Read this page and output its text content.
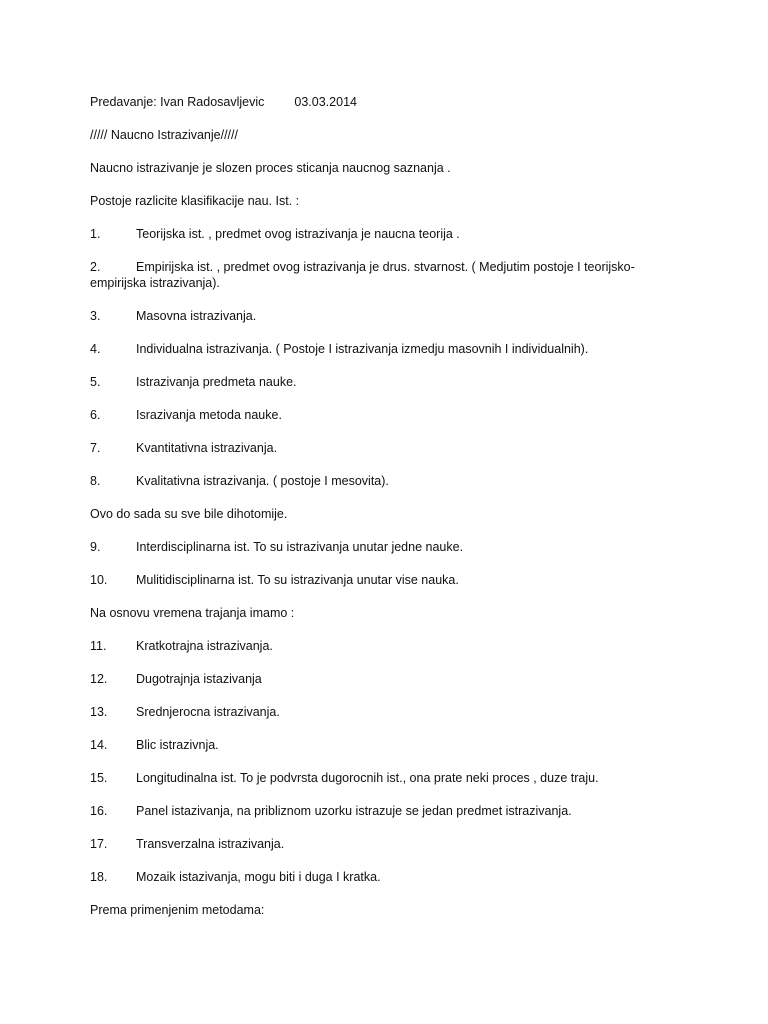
Predavanje: Ivan Radosavljevic 03.03.2014

///// Naucno Istrazivanje/////

Naucno istrazivanje je slozen proces sticanja naucnog saznanja .

Postoje razlicite klasifikacije nau. Ist. :

1.	Teorijska ist. , predmet ovog istrazivanja je naucna teorija .
2.	Empirijska ist. , predmet ovog istrazivanja je drus. stvarnost. ( Medjutim postoje I teorijsko-
empirijska istrazivanja).
3.	Masovna istrazivanja.
4.	Individualna istrazivanja. ( Postoje I istrazivanja izmedju masovnih I individualnih).
5.	Istrazivanja predmeta nauke.
6.	Israzivanja metoda nauke.
7.	Kvantitativna istrazivanja.
8.	Kvalitativna istrazivanja. ( postoje I mesovita).

Ovo do sada su sve bile dihotomije.

9.	Interdisciplinarna ist. To su istrazivanja unutar jedne nauke.
10.	Mulitidisciplinarna ist. To su istrazivanja unutar vise nauka.

Na osnovu vremena trajanja imamo :

11.	Kratkotrajna istrazivanja.
12.	Dugotrajnja istazivanja
13.	Srednjerocna istrazivanja.
14.	Blic istrazivnja.
15.	Longitudinalna ist. To je podvrsta dugorocnih ist., ona prate neki proces , duze traju.
16.	Panel istazivanja, na pribliznom uzorku istrazuje se jedan predmet istrazivanja.
17.	Transverzalna istrazivanja.
18.	Mozaik istazivanja, mogu biti i duga I kratka.

Prema primenjenim metodama:
